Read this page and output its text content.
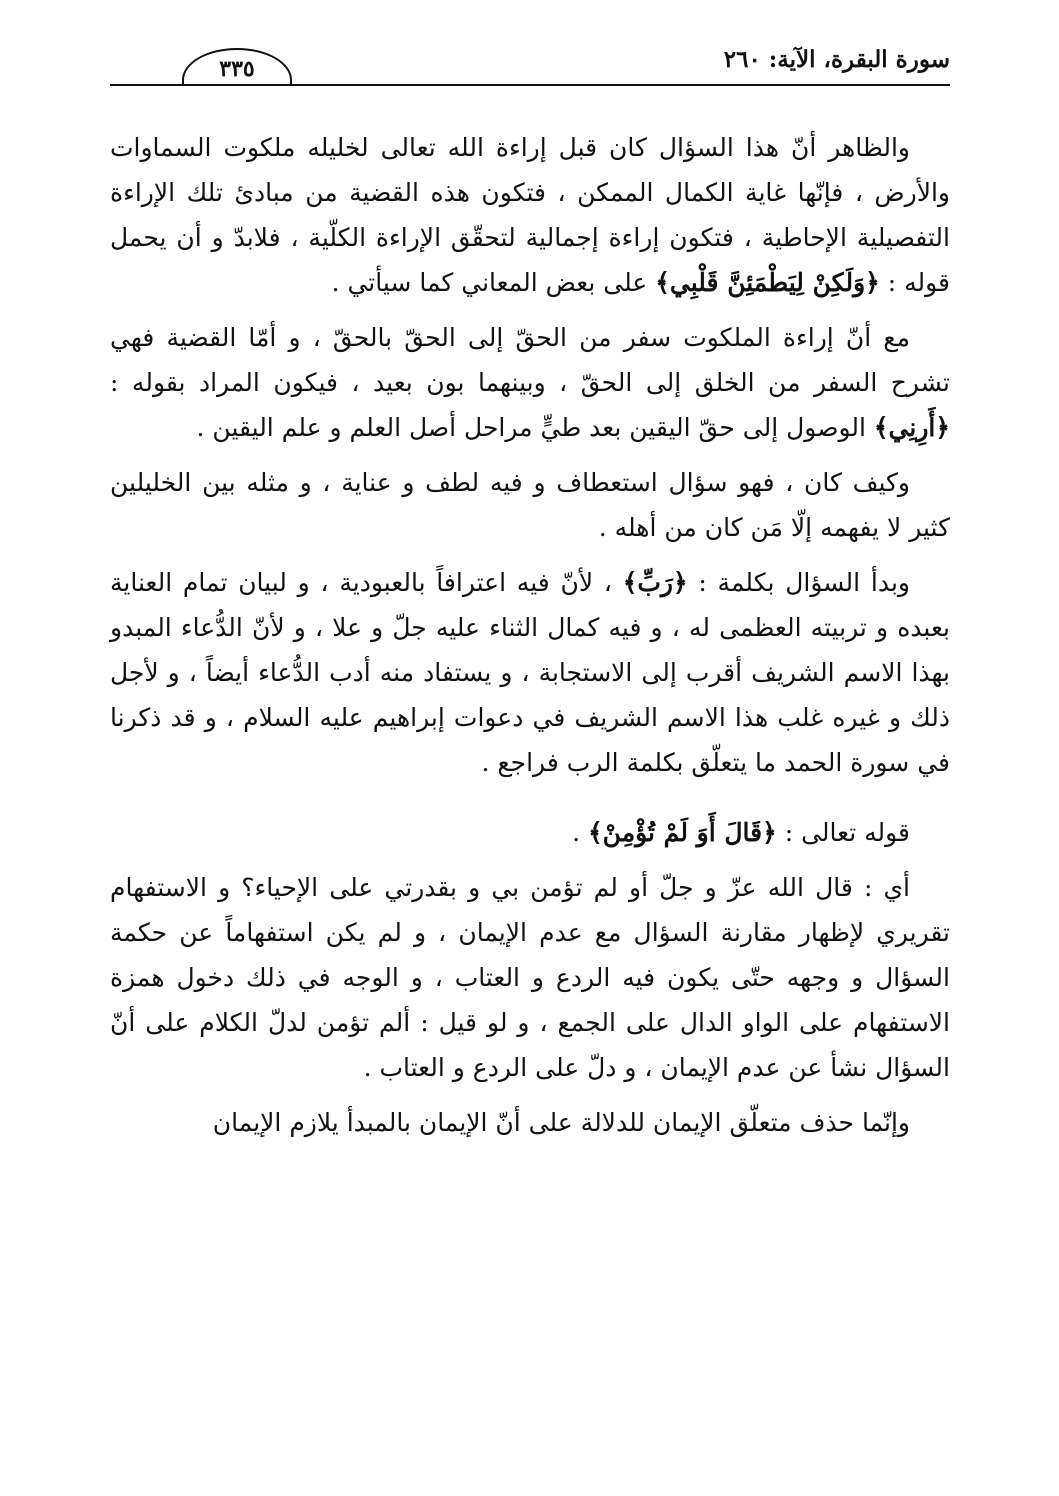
سورة البقرة، الآية: ٢٦٠
٣٣٥

والظاهر أنّ هذا السؤال كان قبل إراءة الله تعالى لخليله ملكوت السماوات والأرض ، فإنّها غاية الكمال الممكن ، فتكون هذه القضية من مبادئ تلك الإراءة التفصيلية الإحاطية ، فتكون إراءة إجمالية لتحقّق الإراءة الكلّية ، فلابدّ و أن يحمل قوله : ﴿وَلَكِنْ لِيَطْمَئِنَّ قَلْبِي﴾ على بعض المعاني كما سيأتي .

مع أنّ إراءة الملكوت سفر من الحقّ إلى الحقّ بالحقّ ، و أمّا القضية فهي تشرح السفر من الخلق إلى الحقّ ، وبينهما بون بعيد ، فيكون المراد بقوله : ﴿أَرِنِي﴾ الوصول إلى حقّ اليقين بعد طيٍّ مراحل أصل العلم و علم اليقين .

وكيف كان ، فهو سؤال استعطاف و فيه لطف و عناية ، و مثله بين الخليلين كثير لا يفهمه إلّا مَن كان من أهله .

وبدأ السؤال بكلمة : ﴿رَبِّ﴾ ، لأنّ فيه اعترافاً بالعبودية ، و لبيان تمام العناية بعبده و تربيته العظمى له ، و فيه كمال الثناء عليه جلّ و علا ، و لأنّ الدُّعاء المبدو بهذا الاسم الشريف أقرب إلى الاستجابة ، و يستفاد منه أدب الدُّعاء أيضاً ، و لأجل ذلك و غيره غلب هذا الاسم الشريف في دعوات إبراهيم عليه السلام ، و قد ذكرنا في سورة الحمد ما يتعلّق بكلمة الرب فراجع .

قوله تعالى : ﴿قَالَ أَوَ لَمْ تُؤْمِنْ﴾ .

أي : قال الله عزّ و جلّ أو لم تؤمن بي و بقدرتي على الإحياء؟ و الاستفهام تقريري لإظهار مقارنة السؤال مع عدم الإيمان ، و لم يكن استفهاماً عن حكمة السؤال و وجهه حتّى يكون فيه الردع و العتاب ، و الوجه في ذلك دخول همزة الاستفهام على الواو الدال على الجمع ، و لو قيل : ألم تؤمن لدلّ الكلام على أنّ السؤال نشأ عن عدم الإيمان ، و دلّ على الردع و العتاب .

وإنّما حذف متعلّق الإيمان للدلالة على أنّ الإيمان بالمبدأ يلازم الإيمان
